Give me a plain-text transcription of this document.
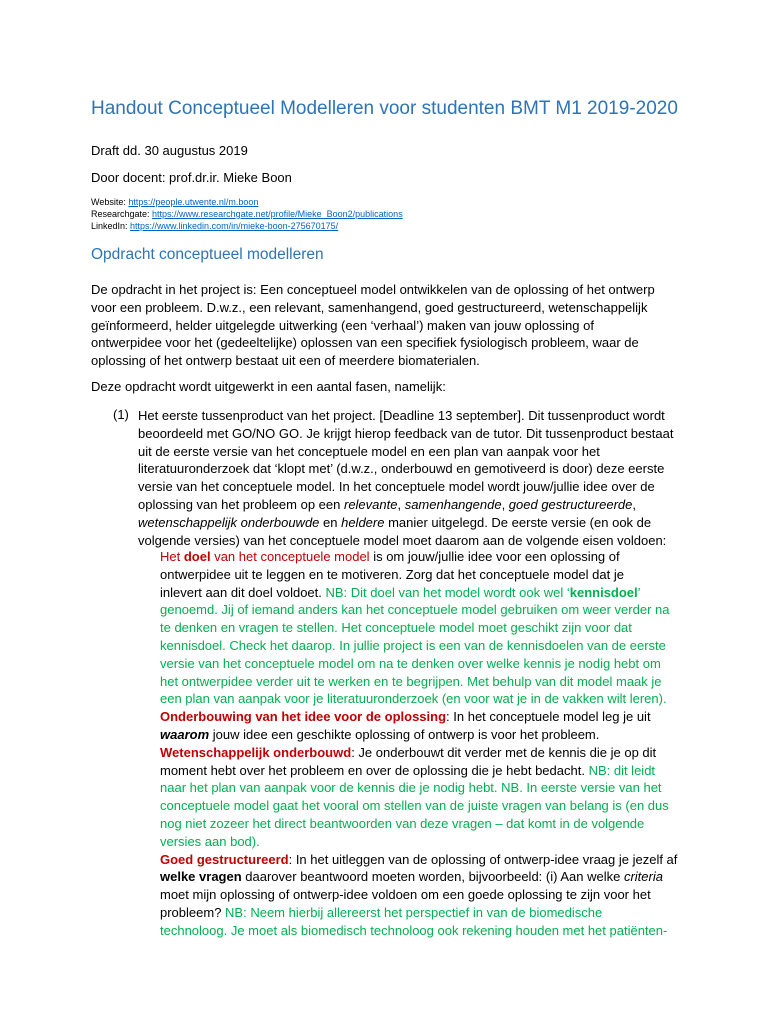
Handout Conceptueel Modelleren voor studenten BMT M1 2019-2020

Draft dd. 30 augustus 2019

Door docent: prof.dr.ir. Mieke Boon

Website: https://people.utwente.nl/m.boon
Researchgate: https://www.researchgate.net/profile/Mieke_Boon2/publications
LinkedIn: https://www.linkedin.com/in/mieke-boon-275670175/
Opdracht conceptueel modelleren
De opdracht in het project is: Een conceptueel model ontwikkelen van de oplossing of het ontwerp
voor een probleem. D.w.z., een relevant, samenhangend, goed gestructureerd, wetenschappelijk
geïnformeerd, helder uitgelegde uitwerking (een ‘verhaal’) maken van jouw oplossing of
ontwerpidee voor het (gedeeltelijke) oplossen van een specifiek fysiologisch probleem, waar de
oplossing of het ontwerp bestaat uit een of meerdere biomaterialen.

Deze opdracht wordt uitgewerkt in een aantal fasen, namelijk:

(1) Het eerste tussenproduct van het project. [Deadline 13 september]. Dit tussenproduct wordt
beoordeeld met GO/NO GO. Je krijgt hierop feedback van de tutor. Dit tussenproduct bestaat
uit de eerste versie van het conceptuele model en een plan van aanpak voor het
literatuuronderzoek dat ‘klopt met’ (d.w.z., onderbouwd en gemotiveerd is door) deze eerste
versie van het conceptuele model. In het conceptuele model wordt jouw/jullie idee over de
oplossing van het probleem op een relevante, samenhangende, goed gestructureerde,
wetenschappelijk onderbouwde en heldere manier uitgelegd. De eerste versie (en ook de
volgende versies) van het conceptuele model moet daarom aan de volgende eisen voldoen:
Het doel van het conceptuele model is om jouw/jullie idee voor een oplossing of
ontwerpidee uit te leggen en te motiveren. Zorg dat het conceptuele model dat je
inlevert aan dit doel voldoet. NB: Dit doel van het model wordt ook wel ‘kennisdoel’
genoemd. Jij of iemand anders kan het conceptuele model gebruiken om weer verder na
te denken en vragen te stellen. Het conceptuele model moet geschikt zijn voor dat
kennisdoel. Check het daarop. In jullie project is een van de kennisdoelen van de eerste
versie van het conceptuele model om na te denken over welke kennis je nodig hebt om
het ontwerpidee verder uit te werken en te begrijpen. Met behulp van dit model maak je
een plan van aanpak voor je literatuuronderzoek (en voor wat je in de vakken wilt leren).
Onderbouwing van het idee voor de oplossing: In het conceptuele model leg je uit
waarom jouw idee een geschikte oplossing of ontwerp is voor het probleem.
Wetenschappelijk onderbouwd: Je onderbouwt dit verder met de kennis die je op dit
moment hebt over het probleem en over de oplossing die je hebt bedacht. NB: dit leidt
naar het plan van aanpak voor de kennis die je nodig hebt. NB. In eerste versie van het
conceptuele model gaat het vooral om stellen van de juiste vragen van belang is (en dus
nog niet zozeer het direct beantwoorden van deze vragen – dat komt in de volgende
versies aan bod).
Goed gestructureerd: In het uitleggen van de oplossing of ontwerp-idee vraag je jezelf af
welke vragen daarover beantwoord moeten worden, bijvoorbeeld: (i) Aan welke criteria
moet mijn oplossing of ontwerp-idee voldoen om een goede oplossing te zijn voor het
probleem? NB: Neem hierbij allereerst het perspectief in van de biomedische
technoloog. Je moet als biomedisch technoloog ook rekening houden met het patiënten-
